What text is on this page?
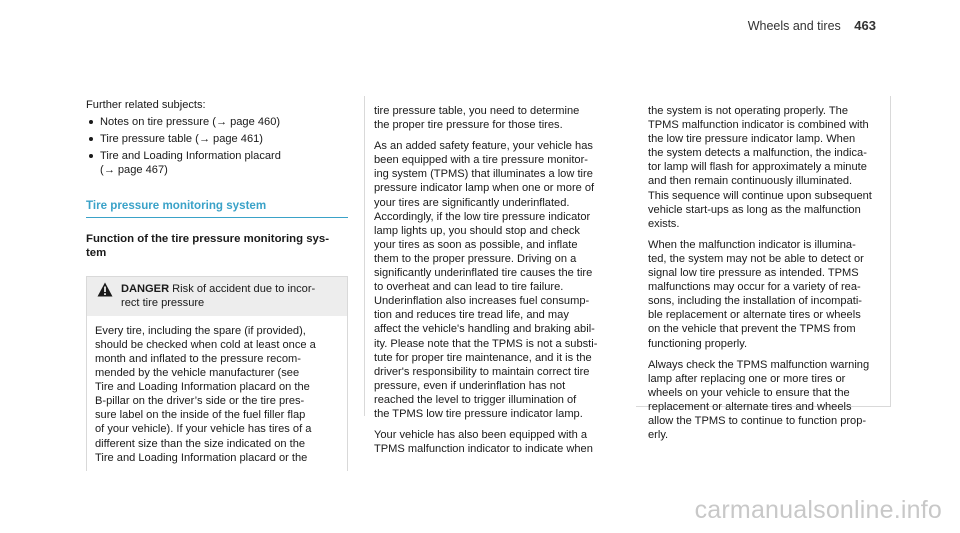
Wheels and tires 463
Further related subjects:
Notes on tire pressure (→ page 460)
Tire pressure table (→ page 461)
Tire and Loading Information placard
(→ page 467)
Tire pressure monitoring system
Function of the tire pressure monitoring sys-
tem
DANGER Risk of accident due to incor-
rect tire pressure
Every tire, including the spare (if provided),
should be checked when cold at least once a
month and inflated to the pressure recom-
mended by the vehicle manufacturer (see
Tire and Loading Information placard on the
B-pillar on the driver’s side or the tire pres-
sure label on the inside of the fuel filler flap
of your vehicle). If your vehicle has tires of a
different size than the size indicated on the
Tire and Loading Information placard or the

tire pressure table, you need to determine
the proper tire pressure for those tires.

As an added safety feature, your vehicle has
been equipped with a tire pressure monitor-
ing system (TPMS) that illuminates a low tire
pressure indicator lamp when one or more of
your tires are significantly underinflated.
Accordingly, if the low tire pressure indicator
lamp lights up, you should stop and check
your tires as soon as possible, and inflate
them to the proper pressure. Driving on a
significantly underinflated tire causes the tire
to overheat and can lead to tire failure.
Underinflation also increases fuel consump-
tion and reduces tire tread life, and may
affect the vehicle's handling and braking abil-
ity. Please note that the TPMS is not a substi-
tute for proper tire maintenance, and it is the
driver's responsibility to maintain correct tire
pressure, even if underinflation has not
reached the level to trigger illumination of
the TPMS low tire pressure indicator lamp.

Your vehicle has also been equipped with a
TPMS malfunction indicator to indicate when

the system is not operating properly. The
TPMS malfunction indicator is combined with
the low tire pressure indicator lamp. When
the system detects a malfunction, the indica-
tor lamp will flash for approximately a minute
and then remain continuously illuminated.
This sequence will continue upon subsequent
vehicle start-ups as long as the malfunction
exists.

When the malfunction indicator is illumina-
ted, the system may not be able to detect or
signal low tire pressure as intended. TPMS
malfunctions may occur for a variety of rea-
sons, including the installation of incompati-
ble replacement or alternate tires or wheels
on the vehicle that prevent the TPMS from
functioning properly.

Always check the TPMS malfunction warning
lamp after replacing one or more tires or
wheels on your vehicle to ensure that the
replacement or alternate tires and wheels
allow the TPMS to continue to function prop-
erly.

carmanualsonline.info
